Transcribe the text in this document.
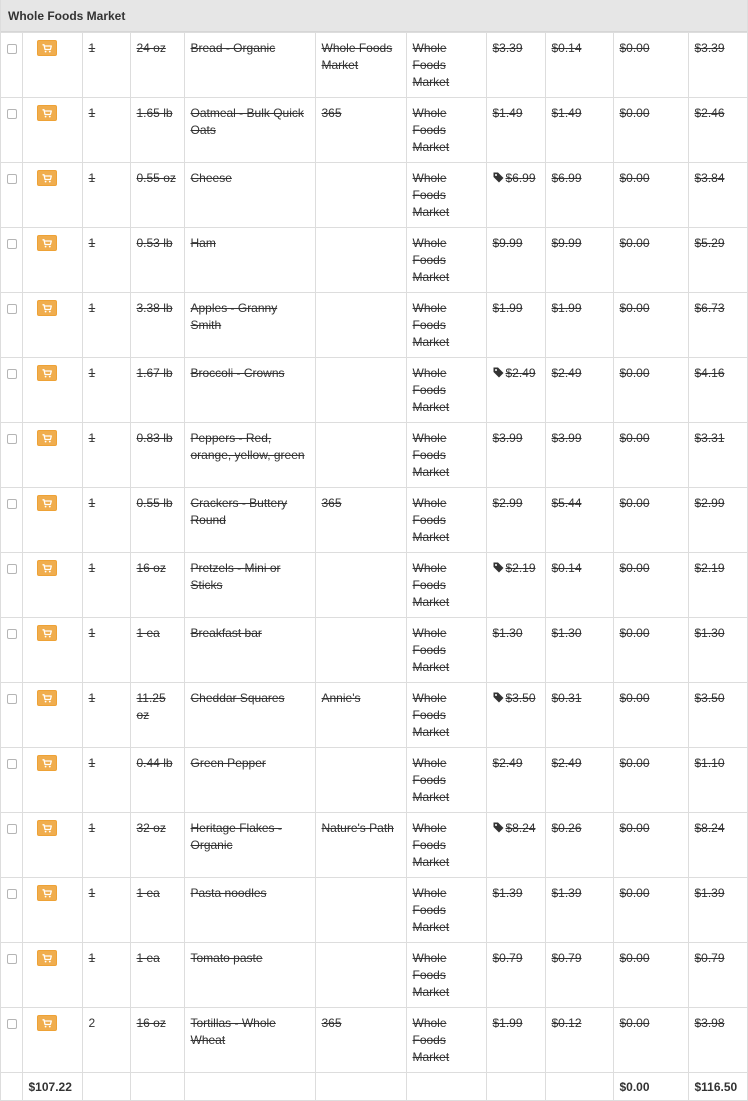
Whole Foods Market

	1	24 oz	Bread - Organic	Whole Foods Market	Whole Foods Market	$3.39	$0.14	$0.00	$3.39

	1	1.65 lb	Oatmeal - Bulk Quick Oats	365	Whole Foods Market	$1.49	$1.49	$0.00	$2.46

	1	0.55 oz	Cheese		Whole Foods Market	$6.99	$6.99	$0.00	$3.84

	1	0.53 lb	Ham		Whole Foods Market	$9.99	$9.99	$0.00	$5.29

	1	3.38 lb	Apples - Granny Smith		Whole Foods Market	$1.99	$1.99	$0.00	$6.73

	1	1.67 lb	Broccoli - Crowns		Whole Foods Market	$2.49	$2.49	$0.00	$4.16

	1	0.83 lb	Peppers - Red, orange, yellow, green		Whole Foods Market	$3.99	$3.99	$0.00	$3.31

	1	0.55 lb	Crackers - Buttery Round	365	Whole Foods Market	$2.99	$5.44	$0.00	$2.99

	1	16 oz	Pretzels - Mini or Sticks		Whole Foods Market	$2.19	$0.14	$0.00	$2.19

	1	1 ea	Breakfast bar		Whole Foods Market	$1.30	$1.30	$0.00	$1.30

	1	11.25 oz	Cheddar Squares	Annie's	Whole Foods Market	$3.50	$0.31	$0.00	$3.50

	1	0.44 lb	Green Pepper		Whole Foods Market	$2.49	$2.49	$0.00	$1.10

	1	32 oz	Heritage Flakes - Organic	Nature's Path	Whole Foods Market	$8.24	$0.26	$0.00	$8.24

	1	1 ea	Pasta noodles		Whole Foods Market	$1.39	$1.39	$0.00	$1.39

	1	1 ea	Tomato paste		Whole Foods Market	$0.79	$0.79	$0.00	$0.79

	2	16 oz	Tortillas - Whole Wheat	365	Whole Foods Market	$1.99	$0.12	$0.00	$3.98
	$107.22								$0.00	$116.50
